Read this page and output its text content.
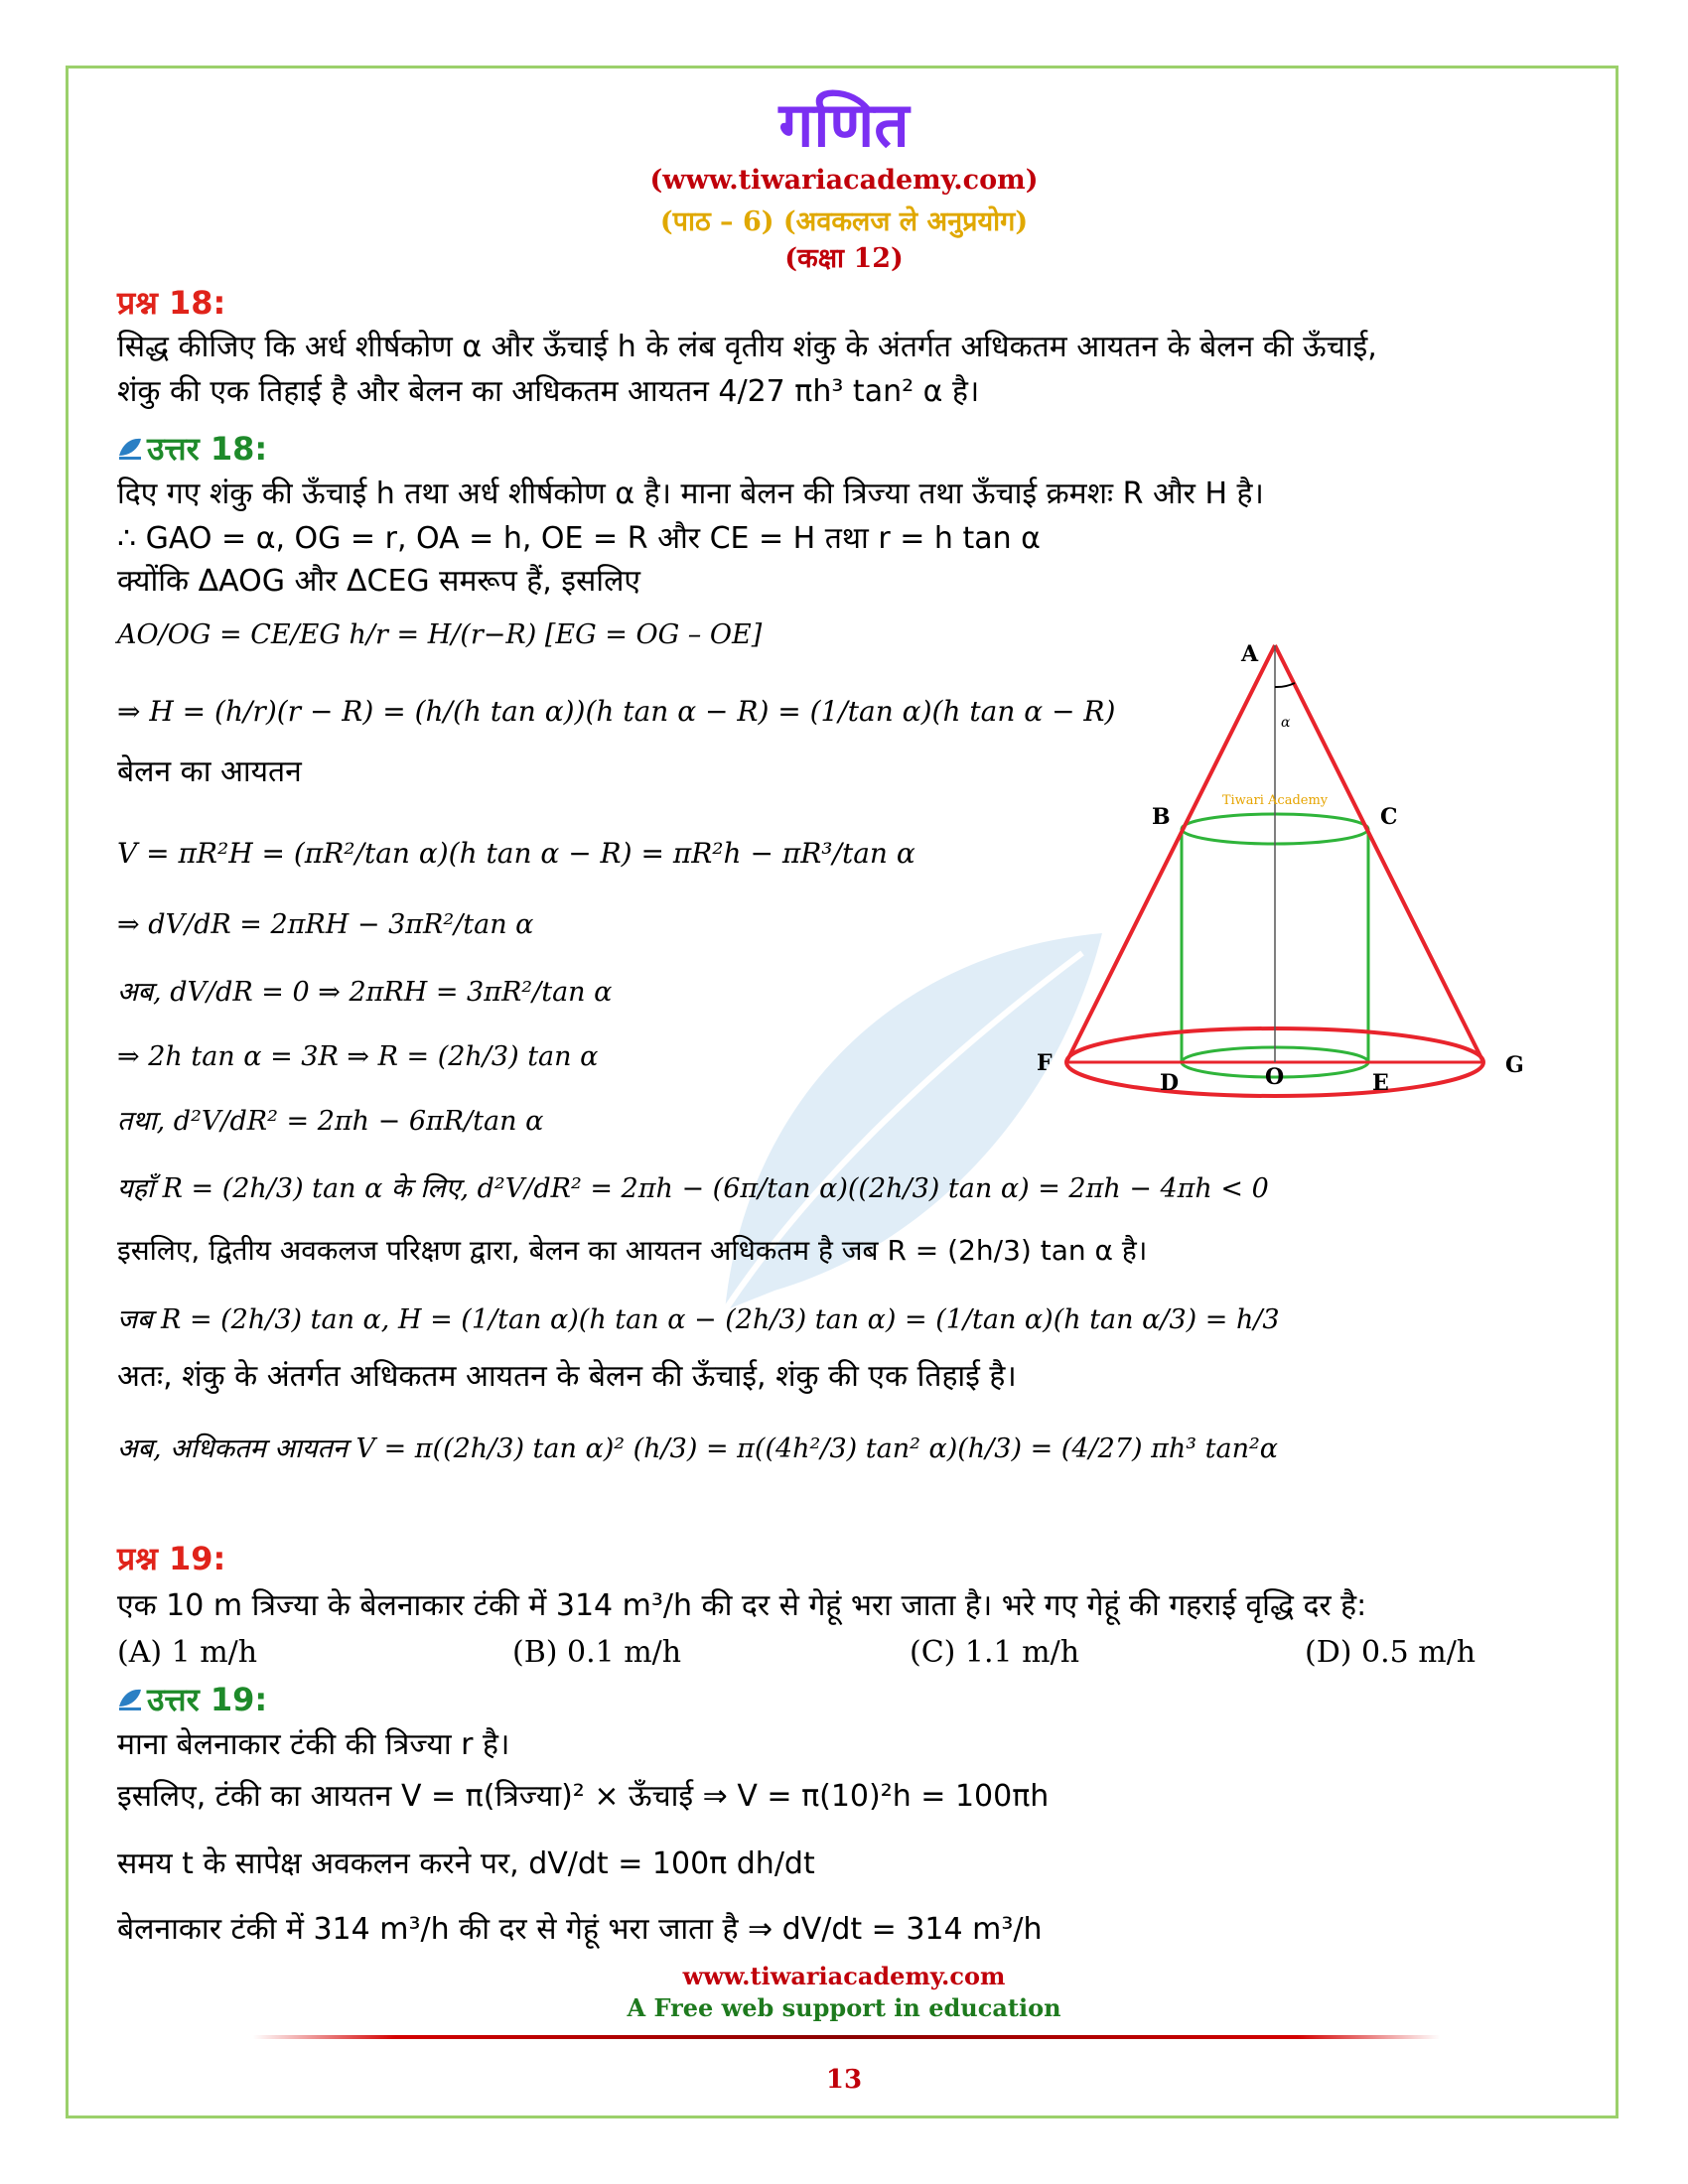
गणित
(www.tiwariacademy.com)
(पाठ – 6) (अवकलज ले अनुप्रयोग)
(कक्षा 12)
प्रश्न 18:
सिद्ध कीजिए कि अर्ध शीर्षकोण α और ऊँचाई h के लंब वृतीय शंकु के अंतर्गत अधिकतम आयतन के बेलन की ऊँचाई,
शंकु की एक तिहाई है और बेलन का अधिकतम आयतन 4/27 πh³ tan² α है।
उत्तर 18:
दिए गए शंकु की ऊँचाई h तथा अर्ध शीर्षकोण α है। माना बेलन की त्रिज्या तथा ऊँचाई क्रमशः R और H है।
∴ GAO = α, OG = r, OA = h, OE = R और CE = H तथा r = h tan α
क्योंकि ΔAOG और ΔCEG समरूप हैं, इसलिए
AO/OG = CE/EG h/r = H/(r−R) [EG = OG – OE]
⇒ H = (h/r)(r − R) = (h/(h tan α))(h tan α − R) = (1/tan α)(h tan α − R)
बेलन का आयतन
V = πR²H = (πR²/tan α)(h tan α − R) = πR²h − πR³/tan α
⇒ dV/dR = 2πRH − 3πR²/tan α
अब, dV/dR = 0 ⇒ 2πRH = 3πR²/tan α
⇒ 2h tan α = 3R ⇒ R = (2h/3) tan α
तथा, d²V/dR² = 2πh − 6πR/tan α
यहाँ R = (2h/3) tan α के लिए, d²V/dR² = 2πh − (6π/tan α)((2h/3) tan α) = 2πh − 4πh < 0
इसलिए, द्वितीय अवकलज परिक्षण द्वारा, बेलन का आयतन अधिकतम है जब R = (2h/3) tan α है।
जब R = (2h/3) tan α, H = (1/tan α)(h tan α − (2h/3) tan α) = (1/tan α)(h tan α/3) = h/3
अतः, शंकु के अंतर्गत अधिकतम आयतन के बेलन की ऊँचाई, शंकु की एक तिहाई है।
अब, अधिकतम आयतन V = π((2h/3) tan α)² (h/3) = π((4h²/3) tan² α)(h/3) = (4/27) πh³ tan²α
α
Tiwari Academy
A
B	C
D	E
F	G
O
प्रश्न 19:
एक 10 m त्रिज्या के बेलनाकार टंकी में 314 m³/h की दर से गेहूं भरा जाता है। भरे गए गेहूं की गहराई वृद्धि दर है:
(A) 1 m/h	(B) 0.1 m/h	(C) 1.1 m/h	(D) 0.5 m/h
उत्तर 19:
माना बेलनाकार टंकी की त्रिज्या r है।
इसलिए, टंकी का आयतन V = π(त्रिज्या)² × ऊँचाई ⇒ V = π(10)²h = 100πh
समय t के सापेक्ष अवकलन करने पर, dV/dt = 100π dh/dt
बेलनाकार टंकी में 314 m³/h की दर से गेहूं भरा जाता है ⇒ dV/dt = 314 m³/h
www.tiwariacademy.com
A Free web support in education
13
